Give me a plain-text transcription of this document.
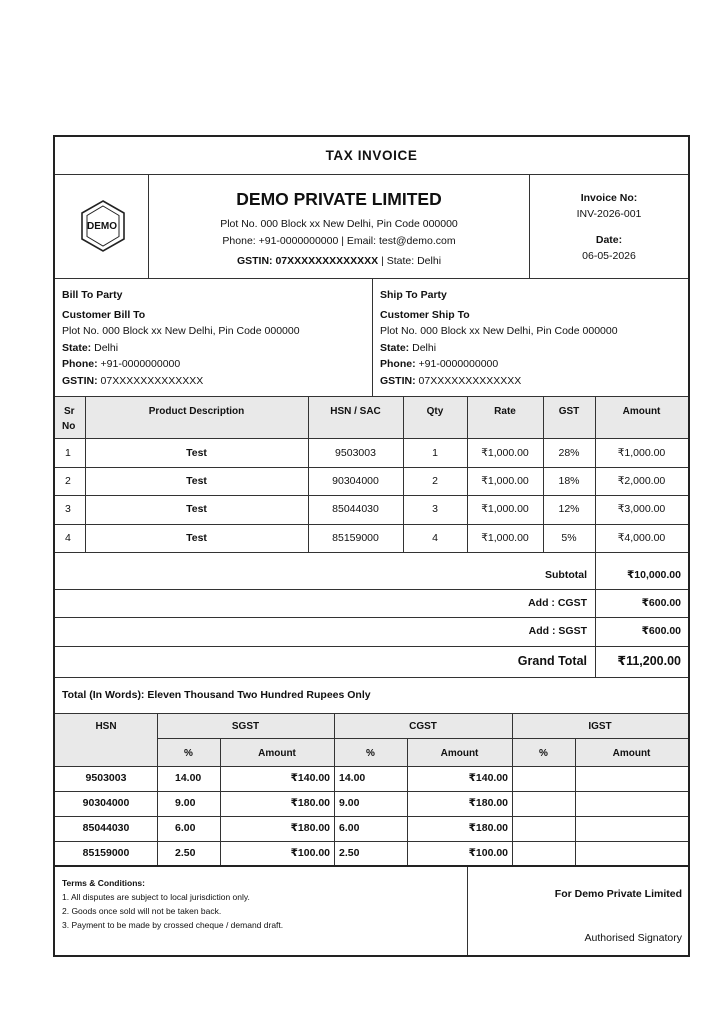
TAX INVOICE
DEMO
DEMO PRIVATE LIMITED
Plot No. 000 Block xx New Delhi, Pin Code 000000
Phone: +91-0000000000 | Email: test@demo.com
GSTIN: 07XXXXXXXXXXXXX | State: Delhi
Invoice No:
INV-2026-001
Date:
06-05-2026
Bill To Party
Customer Bill To
Plot No. 000 Block xx New Delhi, Pin Code 000000
State: Delhi
Phone: +91-0000000000
GSTIN: 07XXXXXXXXXXXXX
Ship To Party
Customer Ship To
Plot No. 000 Block xx New Delhi, Pin Code 000000
State: Delhi
Phone: +91-0000000000
GSTIN: 07XXXXXXXXXXXXX
Sr
No
Product Description	HSN / SAC	Qty	Rate	GST	Amount
1	Test	9503003	1	₹1,000.00	28%	₹1,000.00
2	Test	90304000	2	₹1,000.00	18%	₹2,000.00
3	Test	85044030	3	₹1,000.00	12%	₹3,000.00
4	Test	85159000	4	₹1,000.00	5%	₹4,000.00
Subtotal	₹10,000.00
Add : CGST	₹600.00
Add : SGST	₹600.00
Grand Total	₹11,200.00
Total (In Words): Eleven Thousand Two Hundred Rupees Only
HSN	SGST	CGST	IGST
%	Amount	%	Amount	%	Amount
9503003	14.00	₹140.00 14.00	₹140.00
90304000	9.00	₹180.00 9.00	₹180.00
85044030	6.00	₹180.00 6.00	₹180.00
85159000	2.50	₹100.00 2.50	₹100.00
Terms & Conditions:
1. All disputes are subject to local jurisdiction only.
2. Goods once sold will not be taken back.
3. Payment to be made by crossed cheque / demand draft.
For Demo Private Limited
Authorised Signatory
